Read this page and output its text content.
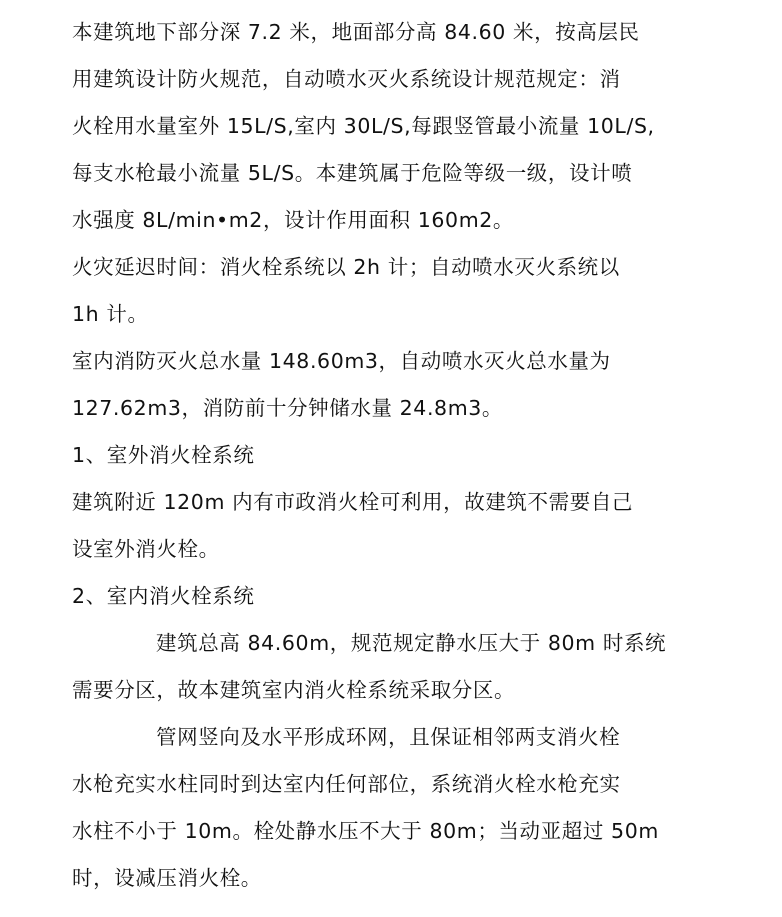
本建筑地下部分深 7.2 米，地面部分高 84.60 米，按高层民
用建筑设计防火规范，自动喷水灭火系统设计规范规定：消
火栓用水量室外 15L/S,室内 30L/S,每跟竖管最小流量 10L/S,
每支水枪最小流量 5L/S。本建筑属于危险等级一级，设计喷
水强度 8L/min•m2，设计作用面积 160m2。
火灾延迟时间：消火栓系统以 2h 计；自动喷水灭火系统以
1h 计。
室内消防灭火总水量 148.60m3，自动喷水灭火总水量为
127.62m3，消防前十分钟储水量 24.8m3。
1、室外消火栓系统
建筑附近 120m 内有市政消火栓可利用，故建筑不需要自己
设室外消火栓。
2、室内消火栓系统
建筑总高 84.60m，规范规定静水压大于 80m 时系统
需要分区，故本建筑室内消火栓系统采取分区。
管网竖向及水平形成环网，且保证相邻两支消火栓
水枪充实水柱同时到达室内任何部位，系统消火栓水枪充实
水柱不小于 10m。栓处静水压不大于 80m；当动亚超过 50m
时，设减压消火栓。
